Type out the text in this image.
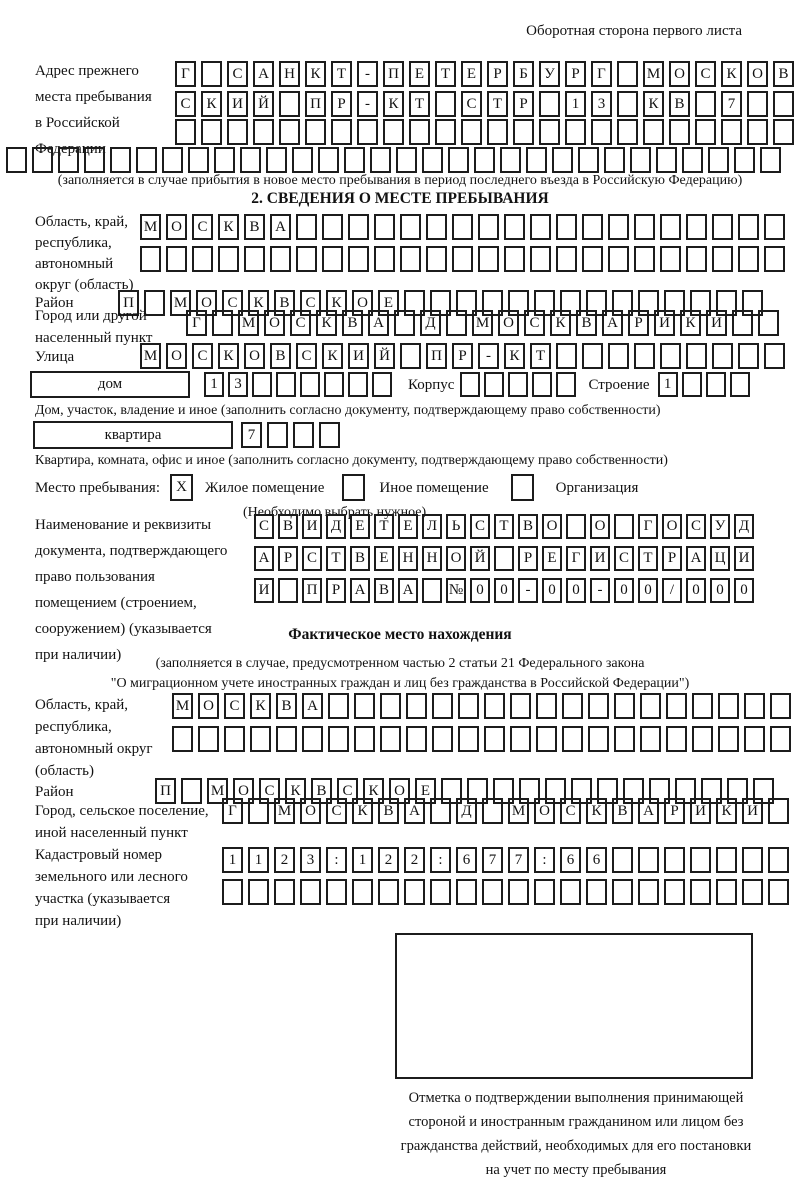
Оборотная сторона первого листа
Адрес прежнего
места пребывания
в Российской
Федерации
Г	С	А	Н	К	Т	-	П	Е	Т	Е	Р	Б	У	Р	Г	М О	С	К	О	В
С	К	И	Й	П	Р	-	К	Т	С	Т	Р	1	3	К	В	7
(заполняется в случае прибытия в новое место пребывания в период последнего въезда в Российскую Федерацию)
2. СВЕДЕНИЯ О МЕСТЕ ПРЕБЫВАНИЯ
Область, край,
республика,
автономный
округ (область)
М О	С	К	В	А
Район	П	М О	С	К	В	С	К	О	Е
Город или другой
населенный пункт
Г	М О	С	К	В	А	Д	М О	С	К	В	А	Р	И	К	И
Улица	М О	С	К	О	В	С	К	И	Й	П	Р	-	К	Т
дом	1	3	Корпус	Строение 1
Дом, участок, владение и иное (заполнить согласно документу, подтверждающему право собственности)
квартира	7
Квартира, комната, офис и иное (заполнить согласно документу, подтверждающему право собственности)
Место пребывания:	X	Жилое помещение	Иное помещение	Организация
(Необходимо выбрать нужное)
Наименование и реквизиты
документа, подтверждающего
право пользования
помещением (строением,
сооружением) (указывается
при наличии)
С В И Д Е Т Е Л Ь С Т В О	О	Г О С У Д
А Р С Т В Е Н Н О Й	Р	Е	Г И С Т	Р А Ц И
И	П Р А В А	№ 0	0	-	0	0	-	0	0	/	0	0	0
Фактическое место нахождения
(заполняется в случае, предусмотренном частью 2 статьи 21 Федерального закона
"О миграционном учете иностранных граждан и лиц без гражданства в Российской Федерации")
Область, край,
республика,
автономный округ
(область)
М О	С	К	В	А
Район	П	М О	С	К	В	С	К	О	Е
Город, сельское поселение,
иной населенный пункт
Г	М О	С	К	В	А	Д	М О	С	К	В	А	Р	И	К	И
Кадастровый номер
земельного или лесного
участка (указывается
при наличии)
1	1	2	3	:	1	2	2	:	6	7	7	:	6	6
Отметка о подтверждении выполнения принимающей
стороной и иностранным гражданином или лицом без
гражданства действий, необходимых для его постановки
на учет по месту пребывания
